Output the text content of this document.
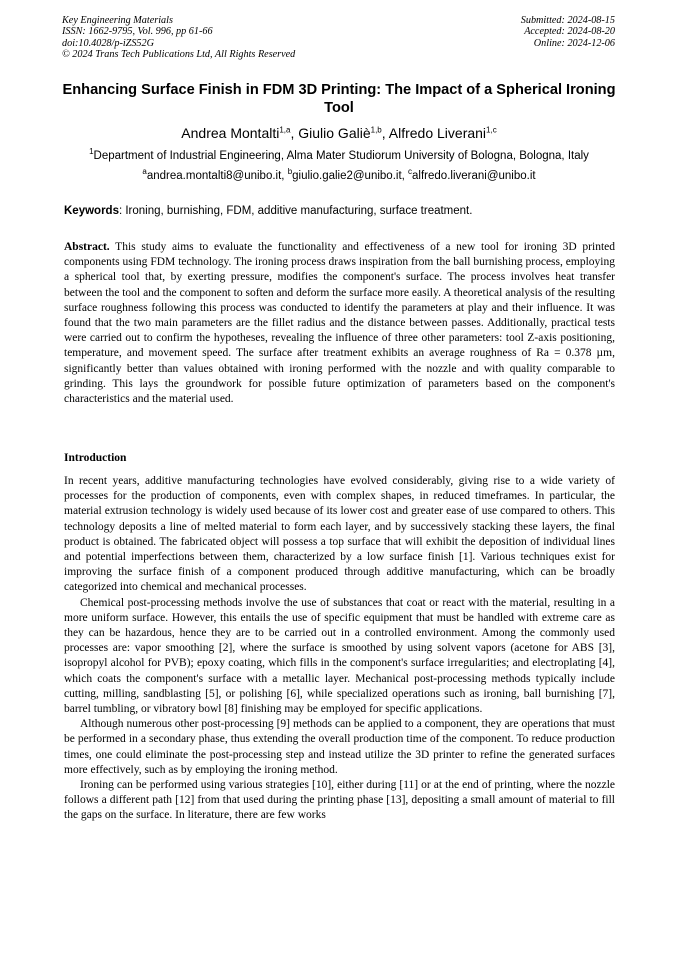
Key Engineering Materials
ISSN: 1662-9795, Vol. 996, pp 61-66
doi:10.4028/p-iZS52G
© 2024 Trans Tech Publications Ltd, All Rights Reserved
Submitted: 2024-08-15
Accepted: 2024-08-20
Online: 2024-12-06
Enhancing Surface Finish in FDM 3D Printing: The Impact of a Spherical Ironing Tool
Andrea Montalti$^{1,a}$, Giulio Galiè$^{1,b}$, Alfredo Liverani$^{1,c}$
$^1$Department of Industrial Engineering, Alma Mater Studiorum University of Bologna, Bologna, Italy
$^a$andrea.montalti8@unibo.it, $^b$giulio.galie2@unibo.it, $^c$alfredo.liverani@unibo.it
Keywords: Ironing, burnishing, FDM, additive manufacturing, surface treatment.
Abstract. This study aims to evaluate the functionality and effectiveness of a new tool for ironing 3D printed components using FDM technology. The ironing process draws inspiration from the ball burnishing process, employing a spherical tool that, by exerting pressure, modifies the component's surface. The process involves heat transfer between the tool and the component to soften and deform the surface more easily. A theoretical analysis of the resulting surface roughness following this process was conducted to identify the parameters at play and their influence. It was found that the two main parameters are the fillet radius and the distance between passes. Additionally, practical tests were carried out to confirm the hypotheses, revealing the influence of three other parameters: tool Z-axis positioning, temperature, and movement speed. The surface after treatment exhibits an average roughness of Ra = 0.378 µm, significantly better than values obtained with ironing performed with the nozzle and with quality comparable to grinding. This lays the groundwork for possible future optimization of parameters based on the component's characteristics and the material used.
Introduction

In recent years, additive manufacturing technologies have evolved considerably, giving rise to a wide variety of processes for the production of components, even with complex shapes, in reduced timeframes. In particular, the material extrusion technology is widely used because of its lower cost and greater ease of use compared to others. This technology deposits a line of melted material to form each layer, and by successively stacking these layers, the final product is obtained. The fabricated object will possess a top surface that will exhibit the deposition of individual lines and potential imperfections between them, characterized by a low surface finish [1]. Various techniques exist for improving the surface finish of a component produced through additive manufacturing, which can be broadly categorized into chemical and mechanical processes.

Chemical post-processing methods involve the use of substances that coat or react with the material, resulting in a more uniform surface. However, this entails the use of specific equipment that must be handled with extreme care as they can be hazardous, hence they are to be carried out in a controlled environment. Among the commonly used processes are: vapor smoothing [2], where the surface is smoothed by using solvent vapors (acetone for ABS [3], isopropyl alcohol for PVB); epoxy coating, which fills in the component's surface irregularities; and electroplating [4], which coats the component's surface with a metallic layer. Mechanical post-processing methods typically include cutting, milling, sandblasting [5], or polishing [6], while specialized operations such as ironing, ball burnishing [7], barrel tumbling, or vibratory bowl [8] finishing may be employed for specific applications.

Although numerous other post-processing [9] methods can be applied to a component, they are operations that must be performed in a secondary phase, thus extending the overall production time of the component. To reduce production times, one could eliminate the post-processing step and instead utilize the 3D printer to refine the generated surfaces more effectively, such as by employing the ironing method.

Ironing can be performed using various strategies [10], either during [11] or at the end of printing, where the nozzle follows a different path [12] from that used during the printing phase [13], depositing a small amount of material to fill the gaps on the surface. In literature, there are few works
